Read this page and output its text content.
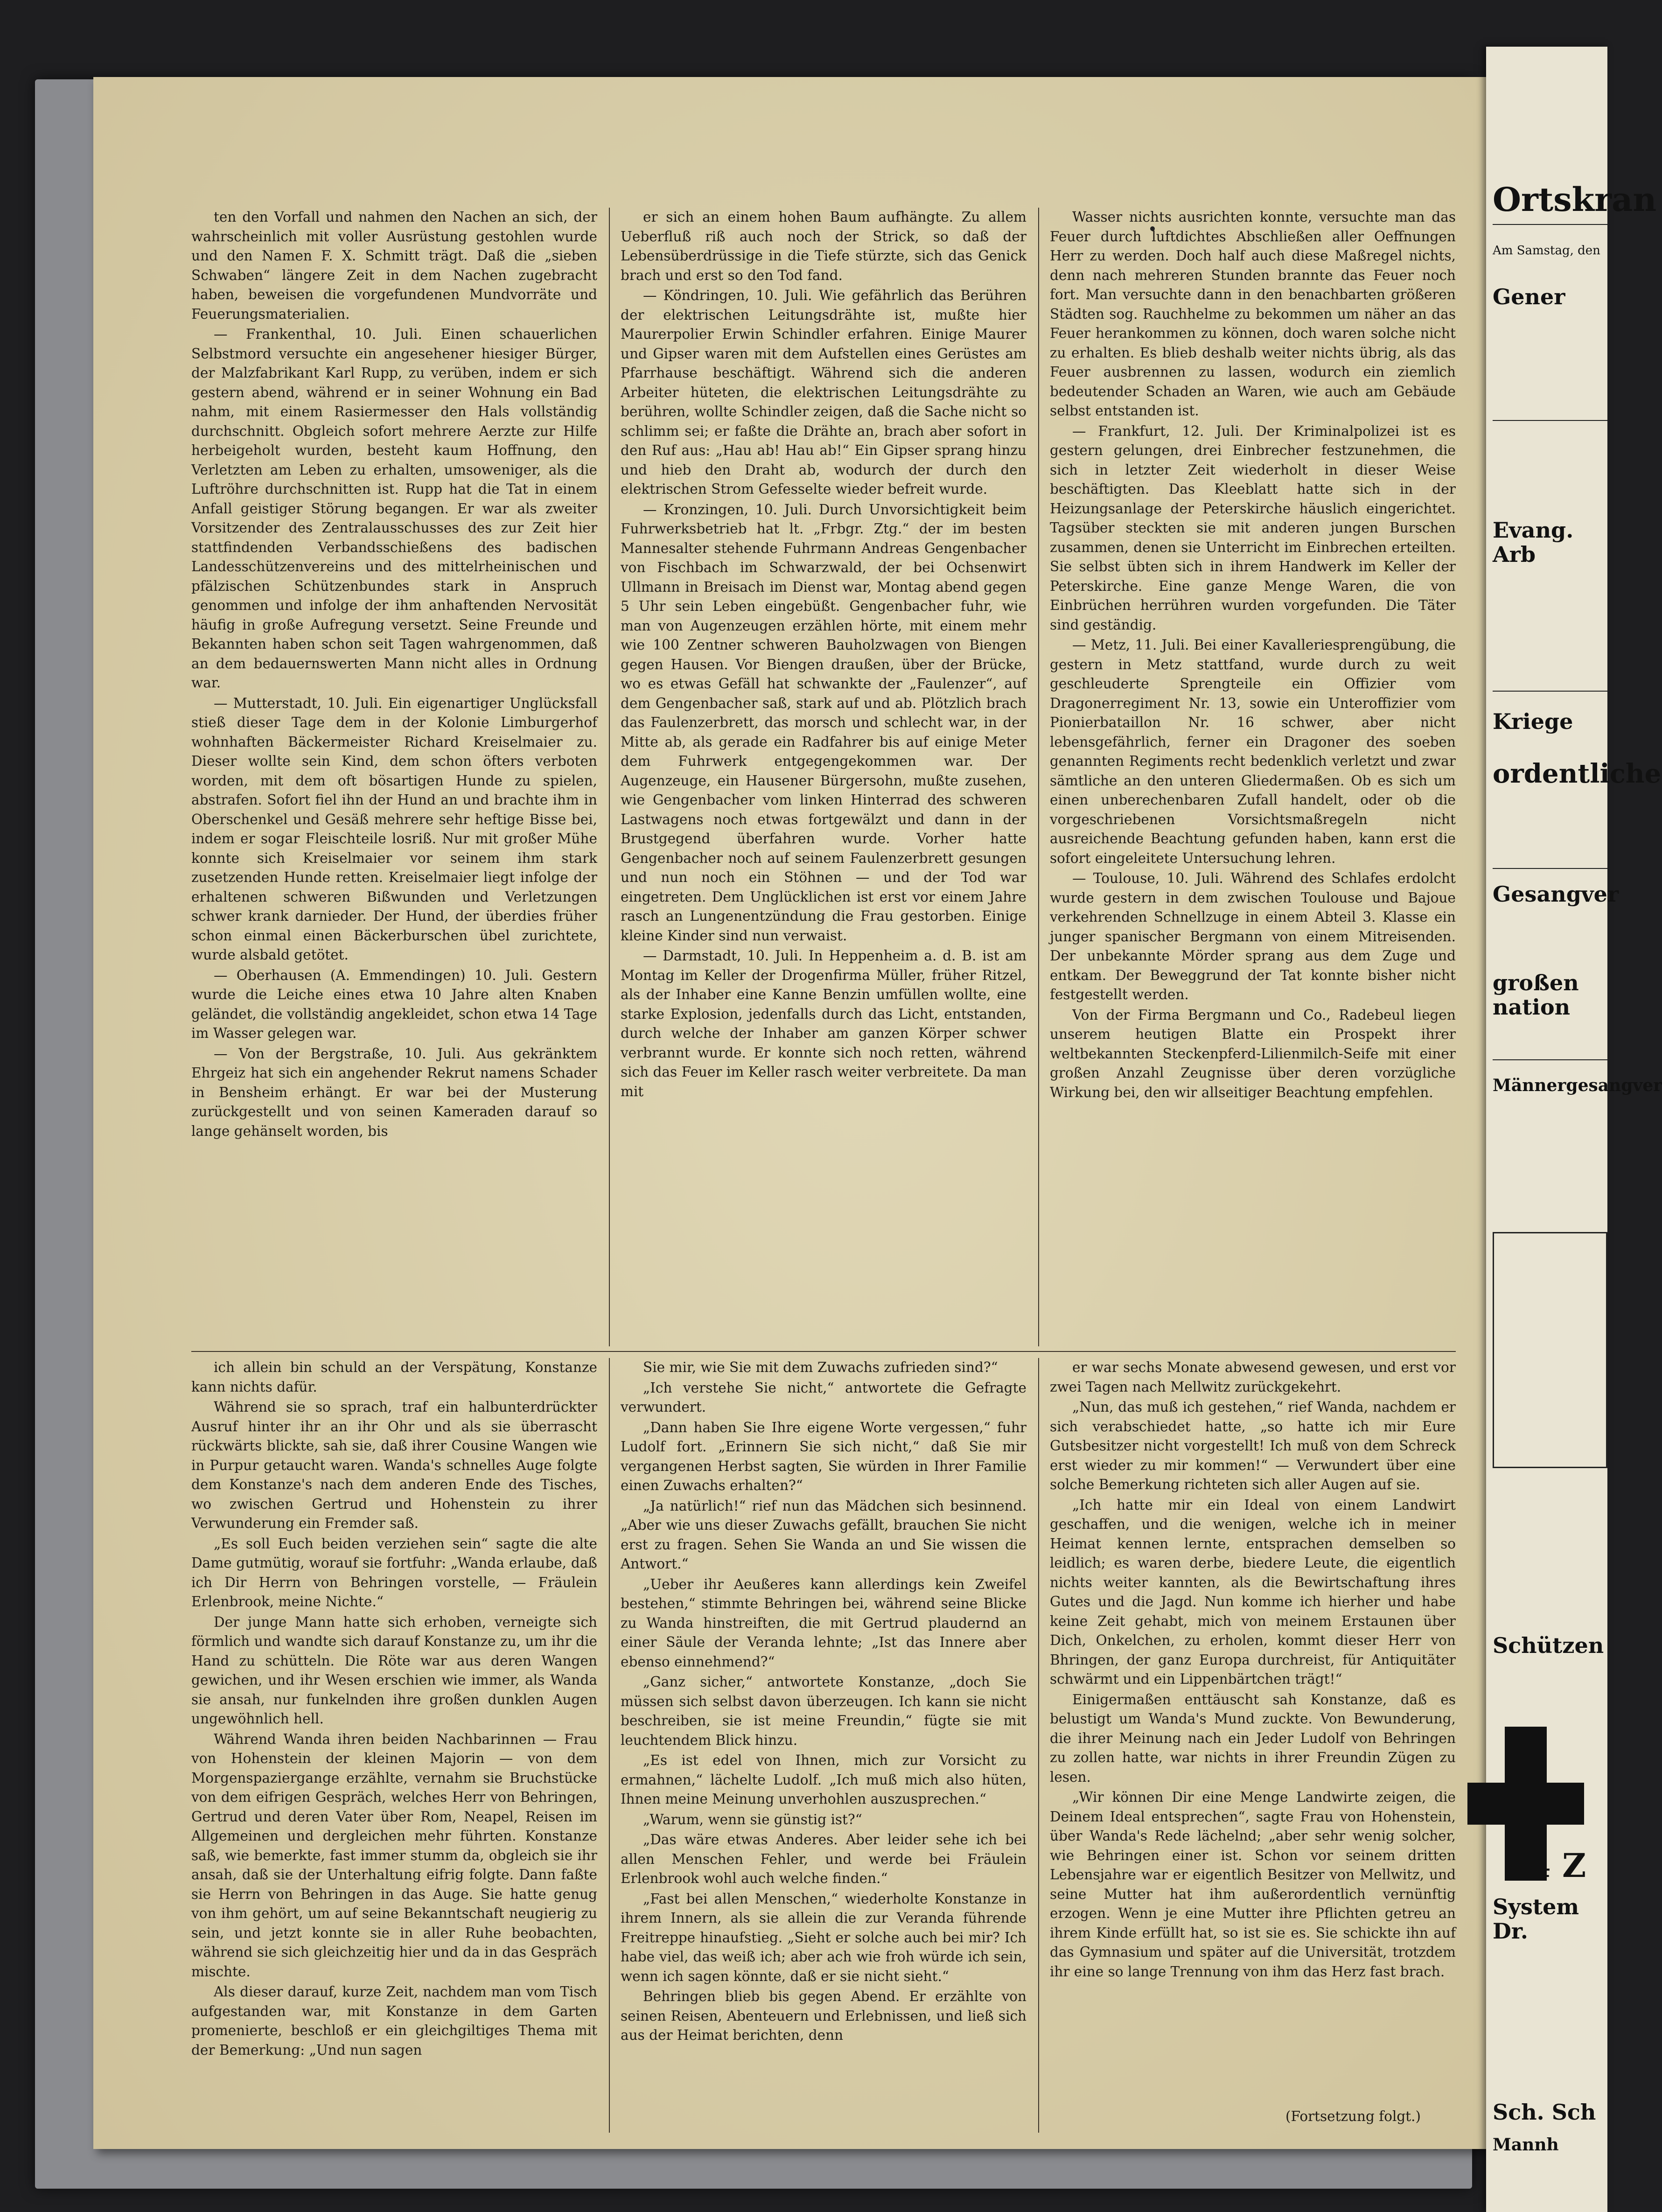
ten den Vorfall und nahmen den Nachen an sich, der wahrscheinlich mit voller Ausrüstung gestohlen wurde und den Namen F. X. Schmitt trägt. Daß die „sieben Schwaben“ längere Zeit in dem Nachen zugebracht haben, beweisen die vorgefundenen Mundvorräte und Feuerungsmaterialien.

— Frankenthal, 10. Juli. Einen schauerlichen Selbstmord versuchte ein angesehener hiesiger Bürger, der Malzfabrikant Karl Rupp, zu verüben, indem er sich gestern abend, während er in seiner Wohnung ein Bad nahm, mit einem Rasiermesser den Hals vollständig durchschnitt. Obgleich sofort mehrere Aerzte zur Hilfe herbeigeholt wurden, besteht kaum Hoffnung, den Verletzten am Leben zu erhalten, umsoweniger, als die Luftröhre durchschnitten ist. Rupp hat die Tat in einem Anfall geistiger Störung begangen. Er war als zweiter Vorsitzender des Zentralausschusses des zur Zeit hier stattfindenden Verbandsschießens des badischen Landesschützenvereins und des mittelrheinischen und pfälzischen Schützenbundes stark in Anspruch genommen und infolge der ihm anhaftenden Nervosität häufig in große Aufregung versetzt. Seine Freunde und Bekannten haben schon seit Tagen wahrgenommen, daß an dem bedauernswerten Mann nicht alles in Ordnung war.

— Mutterstadt, 10. Juli. Ein eigenartiger Unglücksfall stieß dieser Tage dem in der Kolonie Limburgerhof wohnhaften Bäckermeister Richard Kreiselmaier zu. Dieser wollte sein Kind, dem schon öfters verboten worden, mit dem oft bösartigen Hunde zu spielen, abstrafen. Sofort fiel ihn der Hund an und brachte ihm in Oberschenkel und Gesäß mehrere sehr heftige Bisse bei, indem er sogar Fleischteile losriß. Nur mit großer Mühe konnte sich Kreiselmaier vor seinem ihm stark zusetzenden Hunde retten. Kreiselmaier liegt infolge der erhaltenen schweren Bißwunden und Verletzungen schwer krank darnieder. Der Hund, der überdies früher schon einmal einen Bäckerburschen übel zurichtete, wurde alsbald getötet.

— Oberhausen (A. Emmendingen) 10. Juli. Gestern wurde die Leiche eines etwa 10 Jahre alten Knaben geländet, die vollständig angekleidet, schon etwa 14 Tage im Wasser gelegen war.

— Von der Bergstraße, 10. Juli. Aus gekränktem Ehrgeiz hat sich ein angehender Rekrut namens Schader in Bensheim erhängt. Er war bei der Musterung zurückgestellt und von seinen Kameraden darauf so lange gehänselt worden, bis

er sich an einem hohen Baum aufhängte. Zu allem Ueberfluß riß auch noch der Strick, so daß der Lebensüberdrüssige in die Tiefe stürzte, sich das Genick brach und erst so den Tod fand.

— Köndringen, 10. Juli. Wie gefährlich das Berühren der elektrischen Leitungsdrähte ist, mußte hier Maurerpolier Erwin Schindler erfahren. Einige Maurer und Gipser waren mit dem Aufstellen eines Gerüstes am Pfarrhause beschäftigt. Während sich die anderen Arbeiter hüteten, die elektrischen Leitungsdrähte zu berühren, wollte Schindler zeigen, daß die Sache nicht so schlimm sei; er faßte die Drähte an, brach aber sofort in den Ruf aus: „Hau ab! Hau ab!“ Ein Gipser sprang hinzu und hieb den Draht ab, wodurch der durch den elektrischen Strom Gefesselte wieder befreit wurde.

— Kronzingen, 10. Juli. Durch Unvorsichtigkeit beim Fuhrwerksbetrieb hat lt. „Frbgr. Ztg.“ der im besten Mannesalter stehende Fuhrmann Andreas Gengenbacher von Fischbach im Schwarzwald, der bei Ochsenwirt Ullmann in Breisach im Dienst war, Montag abend gegen 5 Uhr sein Leben eingebüßt. Gengenbacher fuhr, wie man von Augenzeugen erzählen hörte, mit einem mehr wie 100 Zentner schweren Bauholzwagen von Biengen gegen Hausen. Vor Biengen draußen, über der Brücke, wo es etwas Gefäll hat schwankte der „Faulenzer“, auf dem Gengenbacher saß, stark auf und ab. Plötzlich brach das Faulenzerbrett, das morsch und schlecht war, in der Mitte ab, als gerade ein Radfahrer bis auf einige Meter dem Fuhrwerk entgegengekommen war. Der Augenzeuge, ein Hausener Bürgersohn, mußte zusehen, wie Gengenbacher vom linken Hinterrad des schweren Lastwagens noch etwas fortgewälzt und dann in der Brustgegend überfahren wurde. Vorher hatte Gengenbacher noch auf seinem Faulenzerbrett gesungen und nun noch ein Stöhnen — und der Tod war eingetreten. Dem Unglücklichen ist erst vor einem Jahre rasch an Lungenentzündung die Frau gestorben. Einige kleine Kinder sind nun verwaist.

— Darmstadt, 10. Juli. In Heppenheim a. d. B. ist am Montag im Keller der Drogenfirma Müller, früher Ritzel, als der Inhaber eine Kanne Benzin umfüllen wollte, eine starke Explosion, jedenfalls durch das Licht, entstanden, durch welche der Inhaber am ganzen Körper schwer verbrannt wurde. Er konnte sich noch retten, während sich das Feuer im Keller rasch weiter verbreitete. Da man mit

Wasser nichts ausrichten konnte, versuchte man das Feuer durch luftdichtes Abschließen aller Oeffnungen Herr zu werden. Doch half auch diese Maßregel nichts, denn nach mehreren Stunden brannte das Feuer noch fort. Man versuchte dann in den benachbarten größeren Städten sog. Rauchhelme zu bekommen um näher an das Feuer herankommen zu können, doch waren solche nicht zu erhalten. Es blieb deshalb weiter nichts übrig, als das Feuer ausbrennen zu lassen, wodurch ein ziemlich bedeutender Schaden an Waren, wie auch am Gebäude selbst entstanden ist.

— Frankfurt, 12. Juli. Der Kriminalpolizei ist es gestern gelungen, drei Einbrecher festzunehmen, die sich in letzter Zeit wiederholt in dieser Weise beschäftigten. Das Kleeblatt hatte sich in der Heizungsanlage der Peterskirche häuslich eingerichtet. Tagsüber steckten sie mit anderen jungen Burschen zusammen, denen sie Unterricht im Einbrechen erteilten. Sie selbst übten sich in ihrem Handwerk im Keller der Peterskirche. Eine ganze Menge Waren, die von Einbrüchen herrühren wurden vorgefunden. Die Täter sind geständig.

— Metz, 11. Juli. Bei einer Kavalleriesprengübung, die gestern in Metz stattfand, wurde durch zu weit geschleuderte Sprengteile ein Offizier vom Dragonerregiment Nr. 13, sowie ein Unteroffizier vom Pionierbataillon Nr. 16 schwer, aber nicht lebensgefährlich, ferner ein Dragoner des soeben genannten Regiments recht bedenklich verletzt und zwar sämtliche an den unteren Gliedermaßen. Ob es sich um einen unberechenbaren Zufall handelt, oder ob die vorgeschriebenen Vorsichtsmaßregeln nicht ausreichende Beachtung gefunden haben, kann erst die sofort eingeleitete Untersuchung lehren.

— Toulouse, 10. Juli. Während des Schlafes erdolcht wurde gestern in dem zwischen Toulouse und Bajoue verkehrenden Schnellzuge in einem Abteil 3. Klasse ein junger spanischer Bergmann von einem Mitreisenden. Der unbekannte Mörder sprang aus dem Zuge und entkam. Der Beweggrund der Tat konnte bisher nicht festgestellt werden.

Von der Firma Bergmann und Co., Radebeul liegen unserem heutigen Blatte ein Prospekt ihrer weltbekannten Steckenpferd-Lilienmilch-Seife mit einer großen Anzahl Zeugnisse über deren vorzügliche Wirkung bei, den wir allseitiger Beachtung empfehlen.

ich allein bin schuld an der Verspätung, Konstanze kann nichts dafür.

Während sie so sprach, traf ein halbunterdrückter Ausruf hinter ihr an ihr Ohr und als sie überrascht rückwärts blickte, sah sie, daß ihrer Cousine Wangen wie in Purpur getaucht waren. Wanda's schnelles Auge folgte dem Konstanze's nach dem anderen Ende des Tisches, wo zwischen Gertrud und Hohenstein zu ihrer Verwunderung ein Fremder saß.

„Es soll Euch beiden verziehen sein“ sagte die alte Dame gutmütig, worauf sie fortfuhr: „Wanda erlaube, daß ich Dir Herrn von Behringen vorstelle, — Fräulein Erlenbrook, meine Nichte.“

Der junge Mann hatte sich erhoben, verneigte sich förmlich und wandte sich darauf Konstanze zu, um ihr die Hand zu schütteln. Die Röte war aus deren Wangen gewichen, und ihr Wesen erschien wie immer, als Wanda sie ansah, nur funkelnden ihre großen dunklen Augen ungewöhnlich hell.

Während Wanda ihren beiden Nachbarinnen — Frau von Hohenstein der kleinen Majorin — von dem Morgenspaziergange erzählte, vernahm sie Bruchstücke von dem eifrigen Gespräch, welches Herr von Behringen, Gertrud und deren Vater über Rom, Neapel, Reisen im Allgemeinen und dergleichen mehr führten. Konstanze saß, wie bemerkte, fast immer stumm da, obgleich sie ihr ansah, daß sie der Unterhaltung eifrig folgte. Dann faßte sie Herrn von Behringen in das Auge. Sie hatte genug von ihm gehört, um auf seine Bekanntschaft neugierig zu sein, und jetzt konnte sie in aller Ruhe beobachten, während sie sich gleichzeitig hier und da in das Gespräch mischte.

Als dieser darauf, kurze Zeit, nachdem man vom Tisch aufgestanden war, mit Konstanze in dem Garten promenierte, beschloß er ein gleichgiltiges Thema mit der Bemerkung: „Und nun sagen

Sie mir, wie Sie mit dem Zuwachs zufrieden sind?“

„Ich verstehe Sie nicht,“ antwortete die Gefragte verwundert.

„Dann haben Sie Ihre eigene Worte vergessen,“ fuhr Ludolf fort. „Erinnern Sie sich nicht,“ daß Sie mir vergangenen Herbst sagten, Sie würden in Ihrer Familie einen Zuwachs erhalten?“

„Ja natürlich!“ rief nun das Mädchen sich besinnend. „Aber wie uns dieser Zuwachs gefällt, brauchen Sie nicht erst zu fragen. Sehen Sie Wanda an und Sie wissen die Antwort.“

„Ueber ihr Aeußeres kann allerdings kein Zweifel bestehen,“ stimmte Behringen bei, während seine Blicke zu Wanda hinstreiften, die mit Gertrud plaudernd an einer Säule der Veranda lehnte; „Ist das Innere aber ebenso einnehmend?“

„Ganz sicher,“ antwortete Konstanze, „doch Sie müssen sich selbst davon überzeugen. Ich kann sie nicht beschreiben, sie ist meine Freundin,“ fügte sie mit leuchtendem Blick hinzu.

„Es ist edel von Ihnen, mich zur Vorsicht zu ermahnen,“ lächelte Ludolf. „Ich muß mich also hüten, Ihnen meine Meinung unverhohlen auszusprechen.“

„Warum, wenn sie günstig ist?“

„Das wäre etwas Anderes. Aber leider sehe ich bei allen Menschen Fehler, und werde bei Fräulein Erlenbrook wohl auch welche finden.“

„Fast bei allen Menschen,“ wiederholte Konstanze in ihrem Innern, als sie allein die zur Veranda führende Freitreppe hinaufstieg. „Sieht er solche auch bei mir? Ich habe viel, das weiß ich; aber ach wie froh würde ich sein, wenn ich sagen könnte, daß er sie nicht sieht.“

Behringen blieb bis gegen Abend. Er erzählte von seinen Reisen, Abenteuern und Erlebnissen, und ließ sich aus der Heimat berichten, denn

er war sechs Monate abwesend gewesen, und erst vor zwei Tagen nach Mellwitz zurückgekehrt.

„Nun, das muß ich gestehen,“ rief Wanda, nachdem er sich verabschiedet hatte, „so hatte ich mir Eure Gutsbesitzer nicht vorgestellt! Ich muß von dem Schreck erst wieder zu mir kommen!“ — Verwundert über eine solche Bemerkung richteten sich aller Augen auf sie.

„Ich hatte mir ein Ideal von einem Landwirt geschaffen, und die wenigen, welche ich in meiner Heimat kennen lernte, entsprachen demselben so leidlich; es waren derbe, biedere Leute, die eigentlich nichts weiter kannten, als die Bewirtschaftung ihres Gutes und die Jagd. Nun komme ich hierher und habe keine Zeit gehabt, mich von meinem Erstaunen über Dich, Onkelchen, zu erholen, kommt dieser Herr von Bhringen, der ganz Europa durchreist, für Antiquitäter schwärmt und ein Lippenbärtchen trägt!“

Einigermaßen enttäuscht sah Konstanze, daß es belustigt um Wanda's Mund zuckte. Von Bewunderung, die ihrer Meinung nach ein Jeder Ludolf von Behringen zu zollen hatte, war nichts in ihrer Freundin Zügen zu lesen.

„Wir können Dir eine Menge Landwirte zeigen, die Deinem Ideal entsprechen“, sagte Frau von Hohenstein, über Wanda's Rede lächelnd; „aber sehr wenig solcher, wie Behringen einer ist. Schon vor seinem dritten Lebensjahre war er eigentlich Besitzer von Mellwitz, und seine Mutter hat ihm außerordentlich vernünftig erzogen. Wenn je eine Mutter ihre Pflichten getreu an ihrem Kinde erfüllt hat, so ist sie es. Sie schickte ihn auf das Gymnasium und später auf die Universität, trotzdem ihr eine so lange Trennung von ihm das Herz fast brach.

(Fortsetzung folgt.)
Ortskran
Am Samstag, den
Gener
Evang. Arb
Kriege
ordentliche
Gesangver
großen nation
Männergesangver
Schützen
4 Z
System Dr.
Sch. Sch
Mannh
